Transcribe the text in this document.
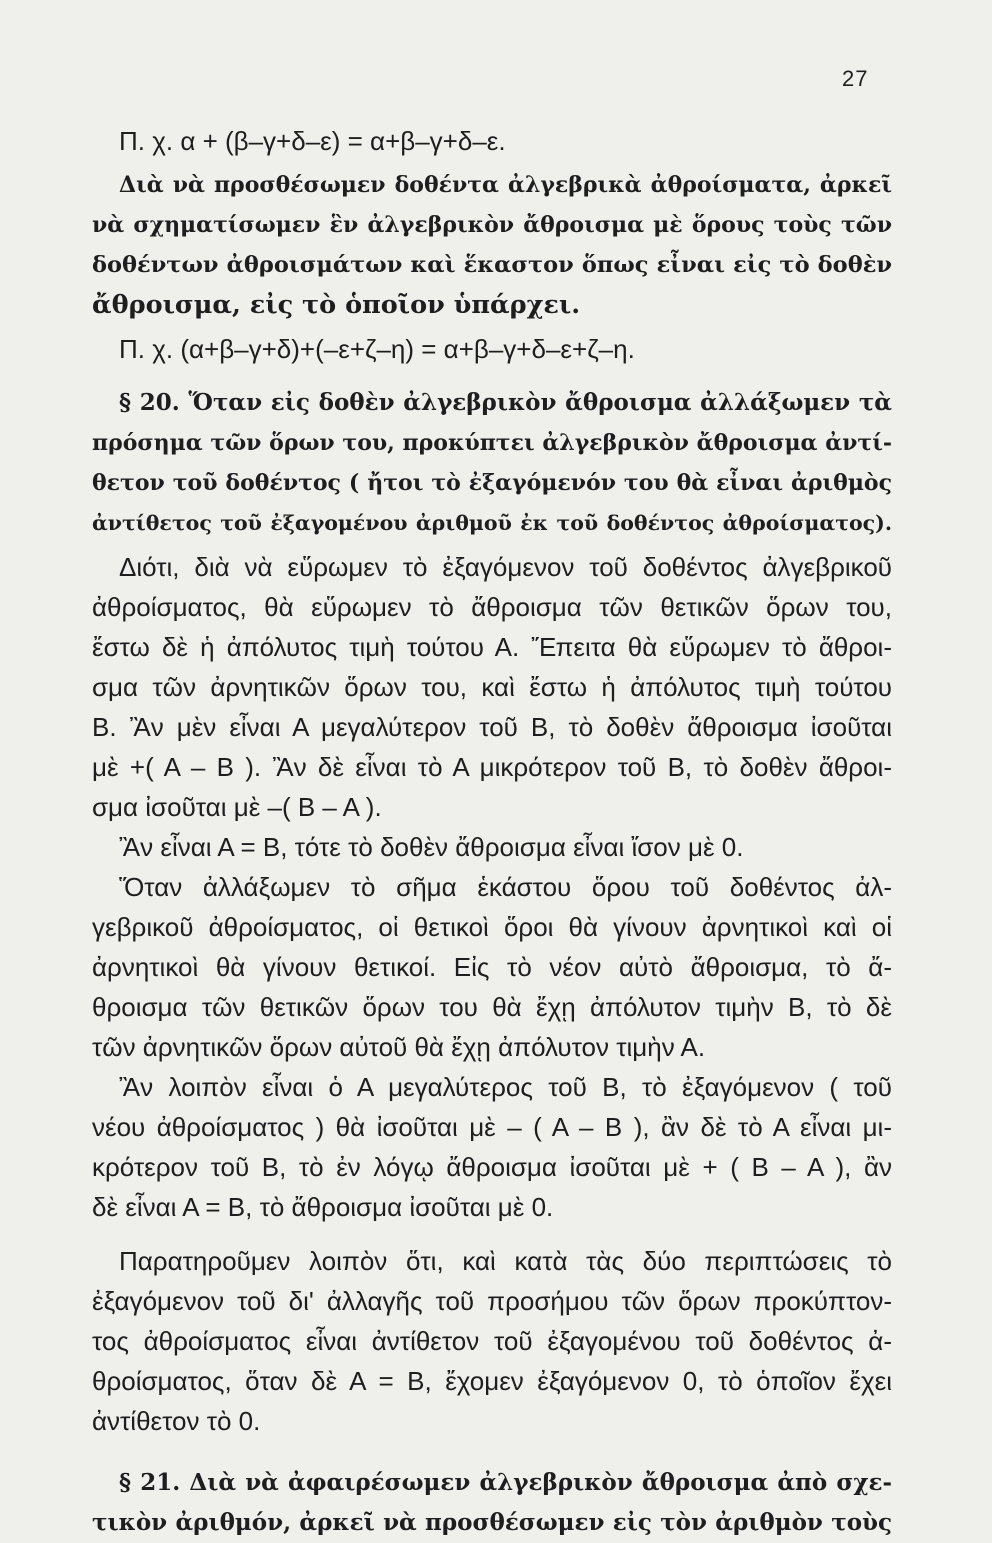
27
Π. χ. α + (β–γ+δ–ε) = α+β–γ+δ–ε.
Διὰ νὰ προσθέσωμεν δοθέντα ἀλγεβρικὰ ἀθροίσματα, ἀρκεῖ
νὰ σχηματίσωμεν ἓν ἀλγεβρικὸν ἄθροισμα μὲ ὅρους τοὺς τῶν
δοθέντων ἀθροισμάτων καὶ ἕκαστον ὅπως εἶναι εἰς τὸ δοθὲν
ἄθροισμα, εἰς τὸ ὁποῖον ὑπάρχει.
Π. χ. (α+β–γ+δ)+(–ε+ζ–η) = α+β–γ+δ–ε+ζ–η.
§ 20. Ὅταν εἰς δοθὲν ἀλγεβρικὸν ἄθροισμα ἀλλάξωμεν τὰ
πρόσημα τῶν ὅρων του, προκύπτει ἀλγεβρικὸν ἄθροισμα ἀντί-
θετον τοῦ δοθέντος ( ἤτοι τὸ ἐξαγόμενόν του θὰ εἶναι ἀριθμὸς
ἀντίθετος τοῦ ἐξαγομένου ἀριθμοῦ ἐκ τοῦ δοθέντος ἀθροίσματος).
Διότι, διὰ νὰ εὕρωμεν τὸ ἐξαγόμενον τοῦ δοθέντος ἀλγεβρικοῦ
ἀθροίσματος, θὰ εὕρωμεν τὸ ἄθροισμα τῶν θετικῶν ὅρων του,
ἔστω δὲ ἡ ἀπόλυτος τιμὴ τούτου Α. Ἔπειτα θὰ εὕρωμεν τὸ ἄθροι-
σμα τῶν ἀρνητικῶν ὅρων του, καὶ ἔστω ἡ ἀπόλυτος τιμὴ τούτου
Β. Ἂν μὲν εἶναι Α μεγαλύτερον τοῦ Β, τὸ δοθὲν ἄθροισμα ἰσοῦται
μὲ +( Α – Β ). Ἂν δὲ εἶναι τὸ Α μικρότερον τοῦ Β, τὸ δοθὲν ἄθροι-
σμα ἰσοῦται μὲ –( Β – Α ).
Ἂν εἶναι Α = Β, τότε τὸ δοθὲν ἄθροισμα εἶναι ἴσον μὲ 0.
Ὅταν ἀλλάξωμεν τὸ σῆμα ἑκάστου ὅρου τοῦ δοθέντος ἀλ-
γεβρικοῦ ἀθροίσματος, οἱ θετικοὶ ὅροι θὰ γίνουν ἀρνητικοὶ καὶ οἱ
ἀρνητικοὶ θὰ γίνουν θετικοί. Εἰς τὸ νέον αὐτὸ ἄθροισμα, τὸ ἄ-
θροισμα τῶν θετικῶν ὅρων του θὰ ἔχῃ ἀπόλυτον τιμὴν Β, τὸ δὲ
τῶν ἀρνητικῶν ὅρων αὐτοῦ θὰ ἔχῃ ἀπόλυτον τιμὴν Α.
Ἂν λοιπὸν εἶναι ὁ Α μεγαλύτερος τοῦ Β, τὸ ἐξαγόμενον ( τοῦ
νέου ἀθροίσματος ) θὰ ἰσοῦται μὲ – ( Α – Β ), ἂν δὲ τὸ Α εἶναι μι-
κρότερον τοῦ Β, τὸ ἐν λόγῳ ἄθροισμα ἰσοῦται μὲ + ( Β – Α ), ἂν
δὲ εἶναι Α = Β, τὸ ἄθροισμα ἰσοῦται μὲ 0.
Παρατηροῦμεν λοιπὸν ὅτι, καὶ κατὰ τὰς δύο περιπτώσεις τὸ
ἐξαγόμενον τοῦ δι' ἀλλαγῆς τοῦ προσήμου τῶν ὅρων προκύπτον-
τος ἀθροίσματος εἶναι ἀντίθετον τοῦ ἐξαγομένου τοῦ δοθέντος ἀ-
θροίσματος, ὅταν δὲ Α = Β, ἔχομεν ἐξαγόμενον 0, τὸ ὁποῖον ἔχει
ἀντίθετον τὸ 0.
§ 21. Διὰ νὰ ἀφαιρέσωμεν ἀλγεβρικὸν ἄθροισμα ἀπὸ σχε-
τικὸν ἀριθμόν, ἀρκεῖ νὰ προσθέσωμεν εἰς τὸν ἀριθμὸν τοὺς
